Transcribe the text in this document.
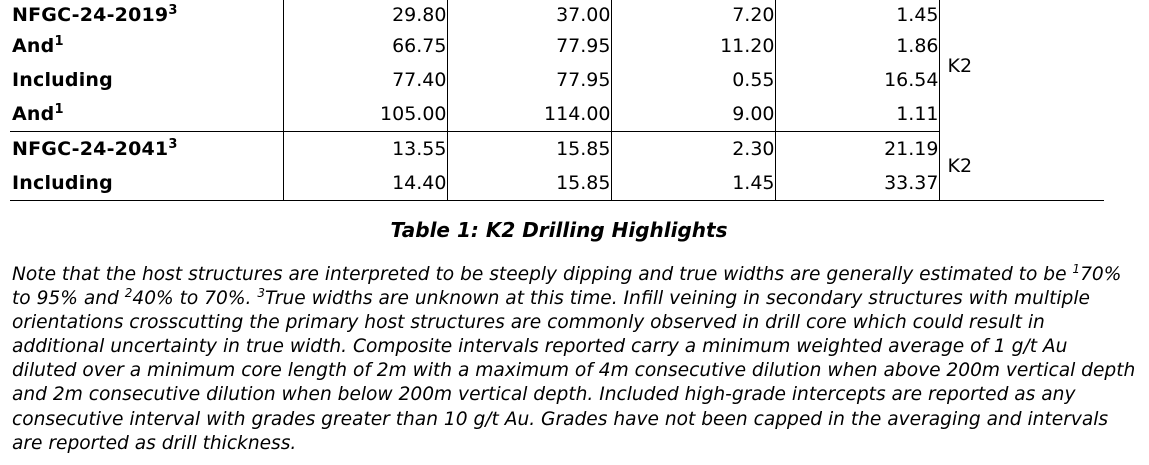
NFGC-24-2019$^3$	29.80	37.00	7.20	1.45	K2
And$^1$	66.75	77.95	11.20	1.86	
Including	77.40	77.95	0.55	16.54	
And$^1$	105.00	114.00	9.00	1.11	
NFGC-24-2041$^3$	13.55	15.85	2.30	21.19	K2
Including	14.40	15.85	1.45	33.37	
Table 1: K2 Drilling Highlights
Note that the host structures are interpreted to be steeply dipping and true widths are generally estimated to be $^1$70% to 95% and $^2$40% to 70%. $^3$True widths are unknown at this time. Infill veining in secondary structures with multiple orientations crosscutting the primary host structures are commonly observed in drill core which could result in additional uncertainty in true width. Composite intervals reported carry a minimum weighted average of 1 g/t Au diluted over a minimum core length of 2m with a maximum of 4m consecutive dilution when above 200m vertical depth and 2m consecutive dilution when below 200m vertical depth. Included high-grade intercepts are reported as any consecutive interval with grades greater than 10 g/t Au. Grades have not been capped in the averaging and intervals are reported as drill thickness.
